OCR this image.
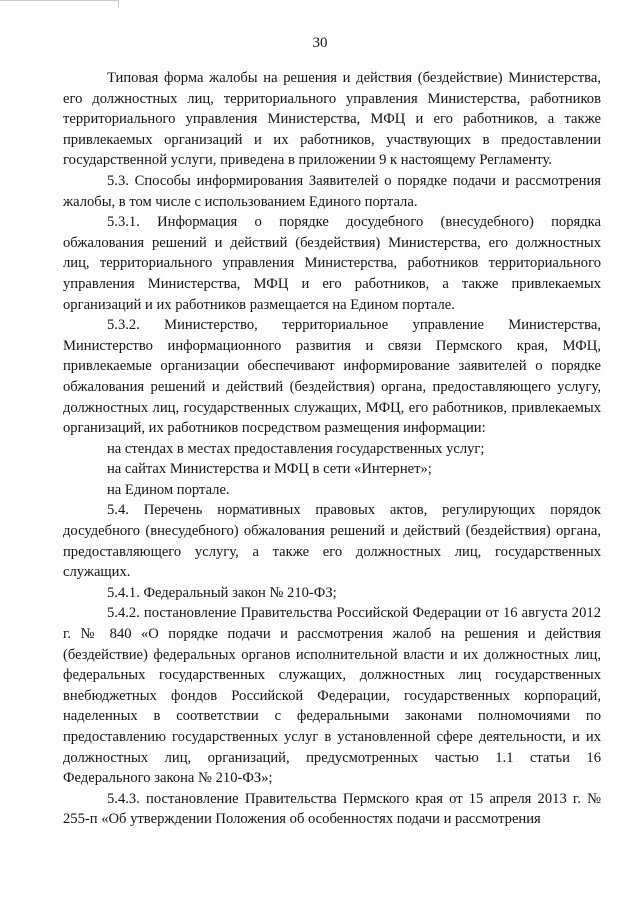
30

Типовая форма жалобы на решения и действия (бездействие) Министерства, его должностных лиц, территориального управления Министерства, работников территориального управления Министерства, МФЦ и его работников, а также привлекаемых организаций и их работников, участвующих в предоставлении государственной услуги, приведена в приложении 9 к настоящему Регламенту.

5.3. Способы информирования Заявителей о порядке подачи и рассмотрения жалобы, в том числе с использованием Единого портала.

5.3.1. Информация о порядке досудебного (внесудебного) порядка обжалования решений и действий (бездействия) Министерства, его должностных лиц, территориального управления Министерства, работников территориального управления Министерства, МФЦ и его работников, а также привлекаемых организаций и их работников размещается на Едином портале.

5.3.2. Министерство, территориальное управление Министерства, Министерство информационного развития и связи Пермского края, МФЦ, привлекаемые организации обеспечивают информирование заявителей о порядке обжалования решений и действий (бездействия) органа, предоставляющего услугу, должностных лиц, государственных служащих, МФЦ, его работников, привлекаемых организаций, их работников посредством размещения информации:

на стендах в местах предоставления государственных услуг;

на сайтах Министерства и МФЦ в сети «Интернет»;

на Едином портале.

5.4. Перечень нормативных правовых актов, регулирующих порядок досудебного (внесудебного) обжалования решений и действий (бездействия) органа, предоставляющего услугу, а также его должностных лиц, государственных служащих.

5.4.1. Федеральный закон № 210-ФЗ;

5.4.2. постановление Правительства Российской Федерации от 16 августа 2012 г. № 840 «О порядке подачи и рассмотрения жалоб на решения и действия (бездействие) федеральных органов исполнительной власти и их должностных лиц, федеральных государственных служащих, должностных лиц государственных внебюджетных фондов Российской Федерации, государственных корпораций, наделенных в соответствии с федеральными законами полномочиями по предоставлению государственных услуг в установленной сфере деятельности, и их должностных лиц, организаций, предусмотренных частью 1.1 статьи 16 Федерального закона № 210-ФЗ»;

5.4.3. постановление Правительства Пермского края от 15 апреля 2013 г. № 255-п «Об утверждении Положения об особенностях подачи и рассмотрения
